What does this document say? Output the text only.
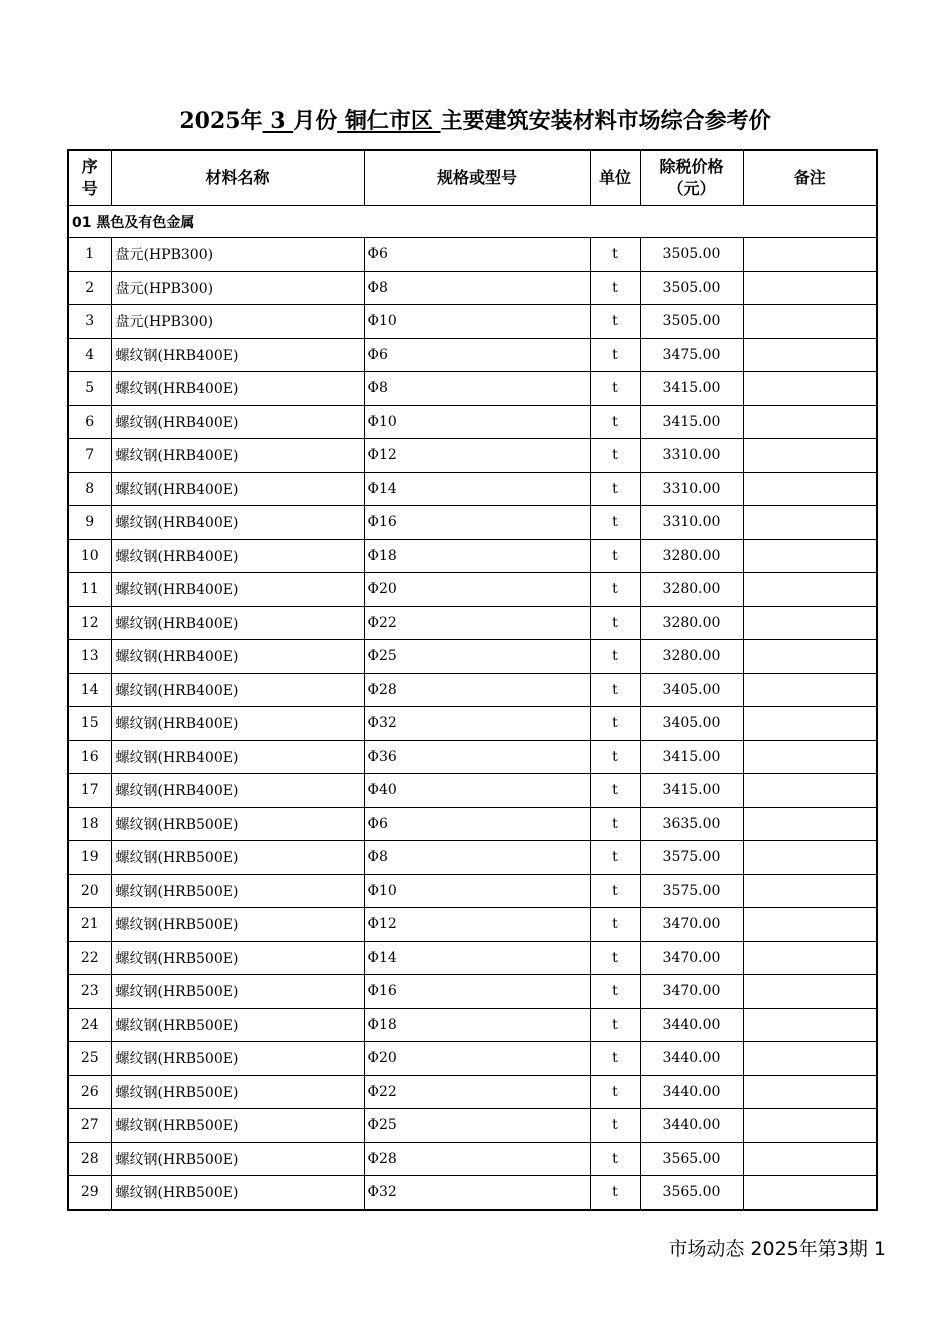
2025年 3 月份 铜仁市区 主要建筑安装材料市场综合参考价
序号	材料名称	规格或型号	单位	除税价格（元）	备注
01 黑色及有色金属					
1	盘元(HPB300)	Φ6	t	3505.00	
2	盘元(HPB300)	Φ8	t	3505.00	
3	盘元(HPB300)	Φ10	t	3505.00	
4	螺纹钢(HRB400E)	Φ6	t	3475.00	
5	螺纹钢(HRB400E)	Φ8	t	3415.00	
6	螺纹钢(HRB400E)	Φ10	t	3415.00	
7	螺纹钢(HRB400E)	Φ12	t	3310.00	
8	螺纹钢(HRB400E)	Φ14	t	3310.00	
9	螺纹钢(HRB400E)	Φ16	t	3310.00	
10	螺纹钢(HRB400E)	Φ18	t	3280.00	
11	螺纹钢(HRB400E)	Φ20	t	3280.00	
12	螺纹钢(HRB400E)	Φ22	t	3280.00	
13	螺纹钢(HRB400E)	Φ25	t	3280.00	
14	螺纹钢(HRB400E)	Φ28	t	3405.00	
15	螺纹钢(HRB400E)	Φ32	t	3405.00	
16	螺纹钢(HRB400E)	Φ36	t	3415.00	
17	螺纹钢(HRB400E)	Φ40	t	3415.00	
18	螺纹钢(HRB500E)	Φ6	t	3635.00	
19	螺纹钢(HRB500E)	Φ8	t	3575.00	
20	螺纹钢(HRB500E)	Φ10	t	3575.00	
21	螺纹钢(HRB500E)	Φ12	t	3470.00	
22	螺纹钢(HRB500E)	Φ14	t	3470.00	
23	螺纹钢(HRB500E)	Φ16	t	3470.00	
24	螺纹钢(HRB500E)	Φ18	t	3440.00	
25	螺纹钢(HRB500E)	Φ20	t	3440.00	
26	螺纹钢(HRB500E)	Φ22	t	3440.00	
27	螺纹钢(HRB500E)	Φ25	t	3440.00	
28	螺纹钢(HRB500E)	Φ28	t	3565.00	
29	螺纹钢(HRB500E)	Φ32	t	3565.00	
市场动态 2025年第3期 1
